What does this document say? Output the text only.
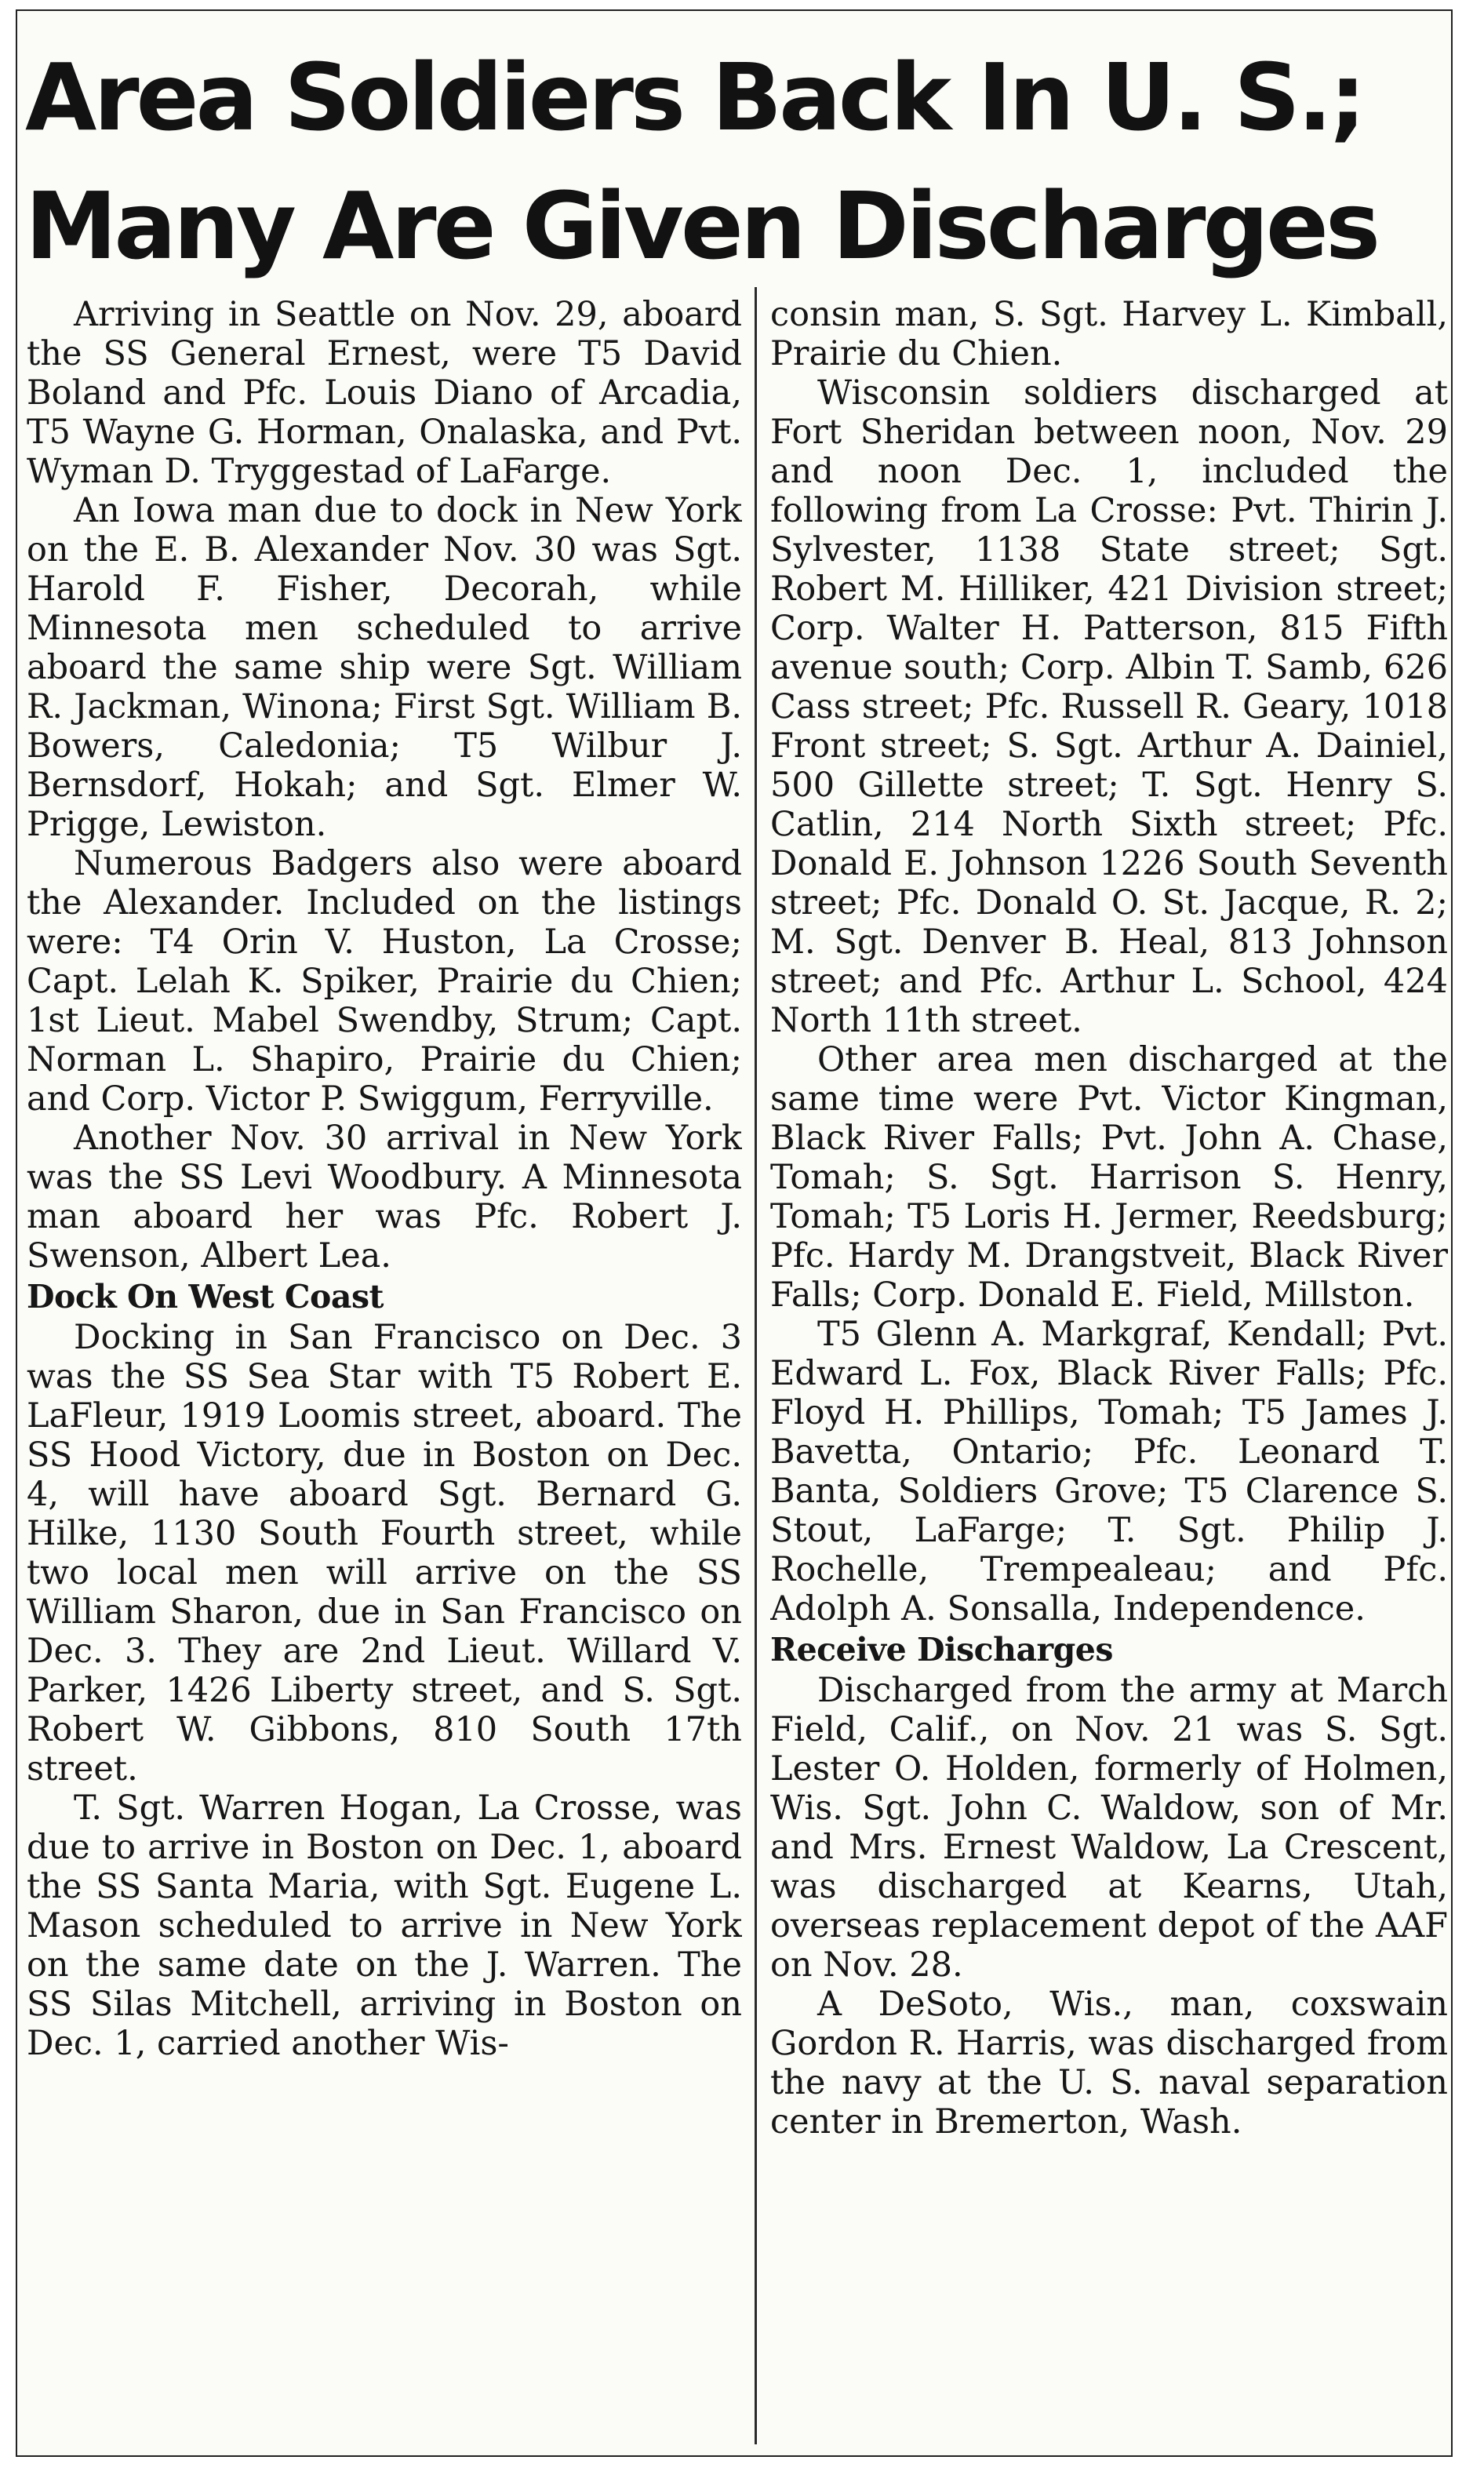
Area Soldiers Back In U. S.;
Many Are Given Discharges

Arriving in Seattle on Nov. 29, aboard the SS General Ernest, were T5 David Boland and Pfc. Louis Diano of Arcadia, T5 Wayne G. Horman, Onalaska, and Pvt. Wyman D. Tryggestad of LaFarge.

An Iowa man due to dock in New York on the E. B. Alexander Nov. 30 was Sgt. Harold F. Fisher, Decorah, while Minnesota men scheduled to arrive aboard the same ship were Sgt. William R. Jackman, Winona; First Sgt. William B. Bowers, Caledonia; T5 Wilbur J. Bernsdorf, Hokah; and Sgt. Elmer W. Prigge, Lewiston.

Numerous Badgers also were aboard the Alexander. Included on the listings were: T4 Orin V. Huston, La Crosse; Capt. Lelah K. Spiker, Prairie du Chien; 1st Lieut. Mabel Swendby, Strum; Capt. Norman L. Shapiro, Prairie du Chien; and Corp. Victor P. Swiggum, Ferryville.

Another Nov. 30 arrival in New York was the SS Levi Woodbury. A Minnesota man aboard her was Pfc. Robert J. Swenson, Albert Lea.

Dock On West Coast

Docking in San Francisco on Dec. 3 was the SS Sea Star with T5 Robert E. LaFleur, 1919 Loomis street, aboard. The SS Hood Victory, due in Boston on Dec. 4, will have aboard Sgt. Bernard G. Hilke, 1130 South Fourth street, while two local men will arrive on the SS William Sharon, due in San Francisco on Dec. 3. They are 2nd Lieut. Willard V. Parker, 1426 Liberty street, and S. Sgt. Robert W. Gibbons, 810 South 17th street.

T. Sgt. Warren Hogan, La Crosse, was due to arrive in Boston on Dec. 1, aboard the SS Santa Maria, with Sgt. Eugene L. Mason scheduled to arrive in New York on the same date on the J. Warren. The SS Silas Mitchell, arriving in Boston on Dec. 1, carried another Wis-

consin man, S. Sgt. Harvey L. Kimball, Prairie du Chien.

Wisconsin soldiers discharged at Fort Sheridan between noon, Nov. 29 and noon Dec. 1, included the following from La Crosse: Pvt. Thirin J. Sylvester, 1138 State street; Sgt. Robert M. Hilliker, 421 Division street; Corp. Walter H. Patterson, 815 Fifth avenue south; Corp. Albin T. Samb, 626 Cass street; Pfc. Russell R. Geary, 1018 Front street; S. Sgt. Arthur A. Dainiel, 500 Gillette street; T. Sgt. Henry S. Catlin, 214 North Sixth street; Pfc. Donald E. Johnson 1226 South Seventh street; Pfc. Donald O. St. Jacque, R. 2; M. Sgt. Denver B. Heal, 813 Johnson street; and Pfc. Arthur L. School, 424 North 11th street.

Other area men discharged at the same time were Pvt. Victor Kingman, Black River Falls; Pvt. John A. Chase, Tomah; S. Sgt. Harrison S. Henry, Tomah; T5 Loris H. Jermer, Reedsburg; Pfc. Hardy M. Drangstveit, Black River Falls; Corp. Donald E. Field, Millston.

T5 Glenn A. Markgraf, Kendall; Pvt. Edward L. Fox, Black River Falls; Pfc. Floyd H. Phillips, Tomah; T5 James J. Bavetta, Ontario; Pfc. Leonard T. Banta, Soldiers Grove; T5 Clarence S. Stout, LaFarge; T. Sgt. Philip J. Rochelle, Trempealeau; and Pfc. Adolph A. Sonsalla, Independence.

Receive Discharges

Discharged from the army at March Field, Calif., on Nov. 21 was S. Sgt. Lester O. Holden, formerly of Holmen, Wis. Sgt. John C. Waldow, son of Mr. and Mrs. Ernest Waldow, La Crescent, was discharged at Kearns, Utah, overseas replacement depot of the AAF on Nov. 28.

A DeSoto, Wis., man, coxswain Gordon R. Harris, was discharged from the navy at the U. S. naval separation center in Bremerton, Wash.
